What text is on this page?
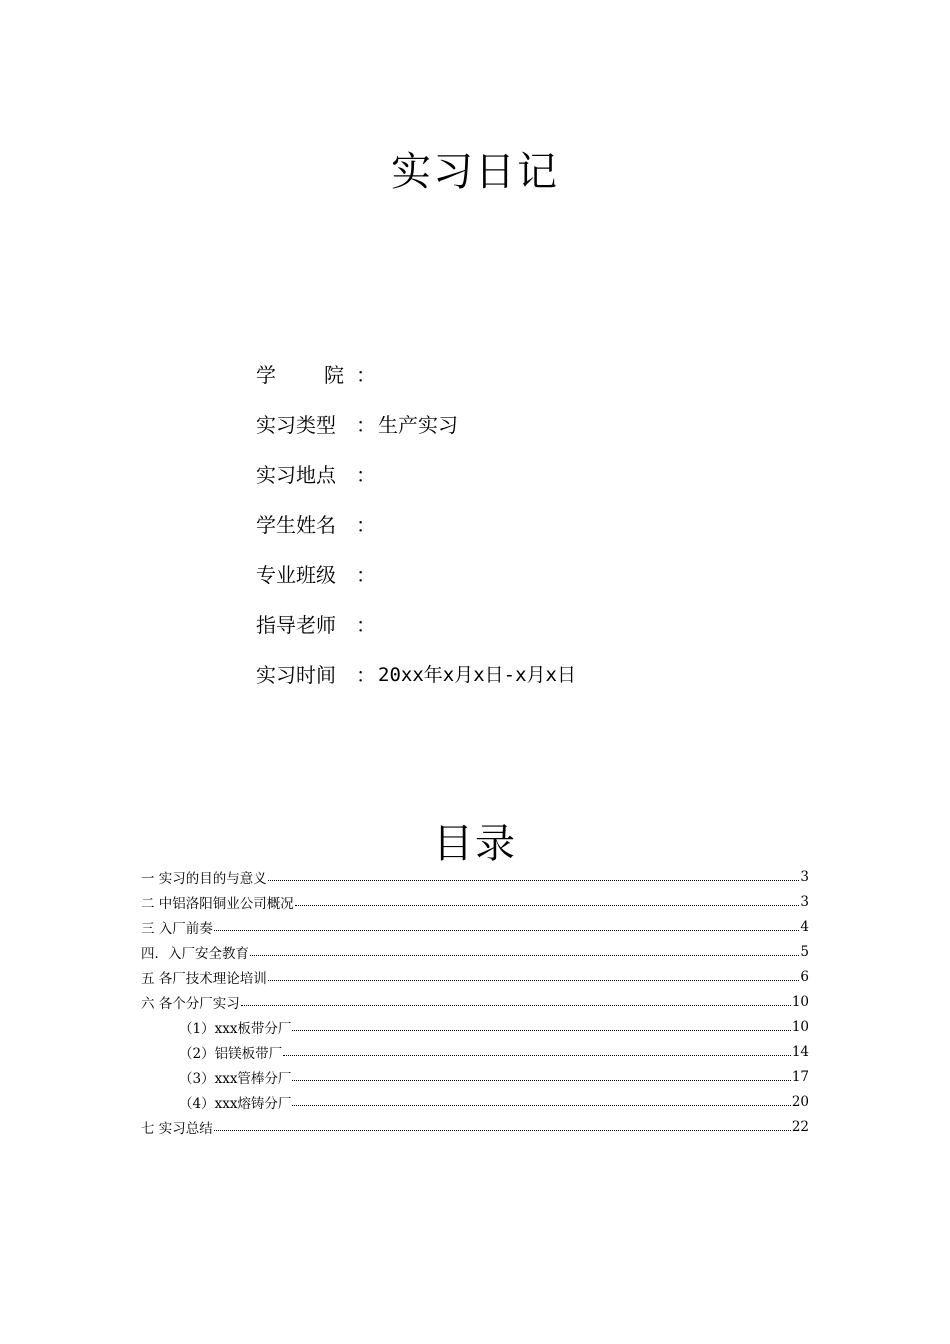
实习日记
学 院 ：
实习类型	： 生产实习
实习地点	：
学生姓名	：
专业班级	：
指导老师	：
实习时间	： 20xx年x月x日-x月x日
目录
一 实习的目的与意义	3
二 中铝洛阳铜业公司概况	3
三 入厂前奏	4
四．入厂安全教育	5
五 各厂技术理论培训	6
六 各个分厂实习	10
（1）xxx板带分厂	10
（2）铝镁板带厂	14
（3）xxx管棒分厂	17
（4）xxx熔铸分厂	20
七 实习总结	22
